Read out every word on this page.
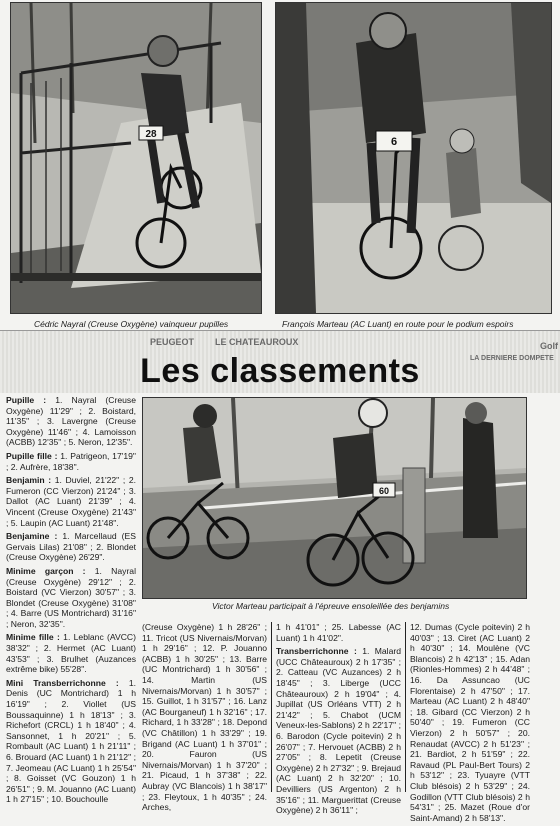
28
6
Cédric Nayral (Creuse Oxygène) vainqueur pupilles	François Marteau (AC Luant) en route pour le podium espoirs
PEUGEOT LE CHATEAUROUX	Golf
LA DERNIERE DOMPETE
Les classements

Pupille : 1. Nayral (Creuse Oxygène) 11'29" ; 2. Boistard, 11'35" ; 3. Lavergne (Creuse Oxygène) 11'46" ; 4. Lamoisson (ACBB) 12'35" ; 5. Neron, 12'35".

Pupille fille : 1. Patrigeon, 17'19" ; 2. Aufrère, 18'38".

Benjamin : 1. Duviel, 21'22" ; 2. Fumeron (CC Vierzon) 21'24" ; 3. Dallot (AC Luant) 21'39" ; 4. Vincent (Creuse Oxygène) 21'43" ; 5. Laupin (AC Luant) 21'48".

Benjamine : 1. Marcellaud (ES Gervais Lilas) 21'08" ; 2. Blondet (Creuse Oxygène) 26'29".

Minime garçon : 1. Nayral (Creuse Oxygène) 29'12" ; 2. Boistard (VC Vierzon) 30'57" ; 3. Blondet (Creuse Oxygène) 31'08" ; 4. Barre (US Montrichard) 31'16" ; Neron, 32'35".

Minime fille : 1. Leblanc (AVCC) 38'32" ; 2. Hermet (AC Luant) 43'53" ; 3. Brulhet (Auzances extrême bike) 55'28".

Mini Transberrichonne : 1. Denis (UC Montrichard) 1 h 16'19" ; 2. Viollet (US Boussaquinne) 1 h 18'13" ; 3. Richefort (CRCL) 1 h 18'40" ; 4. Sansonnet, 1 h 20'21" ; 5. Rombault (AC Luant) 1 h 21'11" ; 6. Brouard (AC Luant) 1 h 21'12" ; 7. Jeomeau (AC Luant) 1 h 25'54" ; 8. Goisset (VC Gouzon) 1 h 26'51" ; 9. M. Jouanno (AC Luant) 1 h 27'15" ; 10. Bouchoulle

60
Victor Marteau participait à l'épreuve ensoleillée des benjamins

(Creuse Oxygène) 1 h 28'26" ; 11. Tricot (US Nivernais/Morvan) 1 h 29'16" ; 12. P. Jouanno (ACBB) 1 h 30'25" ; 13. Barre (UC Montrichard) 1 h 30'56" ; 14. Martin (US Nivernais/Morvan) 1 h 30'57" ; 15. Guillot, 1 h 31'57" ; 16. Lanz (AC Bourganeuf) 1 h 32'16" ; 17. Richard, 1 h 33'28" ; 18. Depond (VC Châtillon) 1 h 33'29" ; 19. Brigand (AC Luant) 1 h 37'01" ; 20. Fauron (US Nivernais/Morvan) 1 h 37'20" ; 21. Picaud, 1 h 37'38" ; 22. Aubray (VC Blancois) 1 h 38'17" ; 23. Fleytoux, 1 h 40'35" ; 24. Arches,

1 h 41'01" ; 25. Labesse (AC Luant) 1 h 41'02".

Transberrichonne : 1. Malard (UCC Châteauroux) 2 h 17'35" ; 2. Catteau (VC Auzances) 2 h 18'45" ; 3. Liberge (UCC Châteauroux) 2 h 19'04" ; 4. Jupillat (US Orléans VTT) 2 h 21'42" ; 5. Chabot (UCM Veneux-les-Sablons) 2 h 22'17" ; 6. Barodon (Cycle poitevin) 2 h 26'07" ; 7. Hervouet (ACBB) 2 h 27'05" ; 8. Lepetit (Creuse Oxygène) 2 h 27'32" ; 9. Brejaud (AC Luant) 2 h 32'20" ; 10. Devilliers (US Argenton) 2 h 35'16" ; 11. Marguerittat (Creuse Oxygène) 2 h 36'11" ;

12. Dumas (Cycle poitevin) 2 h 40'03" ; 13. Ciret (AC Luant) 2 h 40'30" ; 14. Moulène (VC Blancois) 2 h 42'13" ; 15. Adan (Rionles-Hommes) 2 h 44'48" ; 16. Da Assuncao (UC Florentaise) 2 h 47'50" ; 17. Marteau (AC Luant) 2 h 48'40" ; 18. Gibard (CC Vierzon) 2 h 50'40" ; 19. Fumeron (CC Vierzon) 2 h 50'57" ; 20. Renaudat (AVCC) 2 h 51'23" ; 21. Bardiot, 2 h 51'59" ; 22. Ravaud (PL Paul-Bert Tours) 2 h 53'12" ; 23. Tyuayre (VTT Club blésois) 2 h 53'29" ; 24. Godillon (VTT Club blésois) 2 h 54'31" ; 25. Mazet (Roue d'or Saint-Amand) 2 h 58'13".
